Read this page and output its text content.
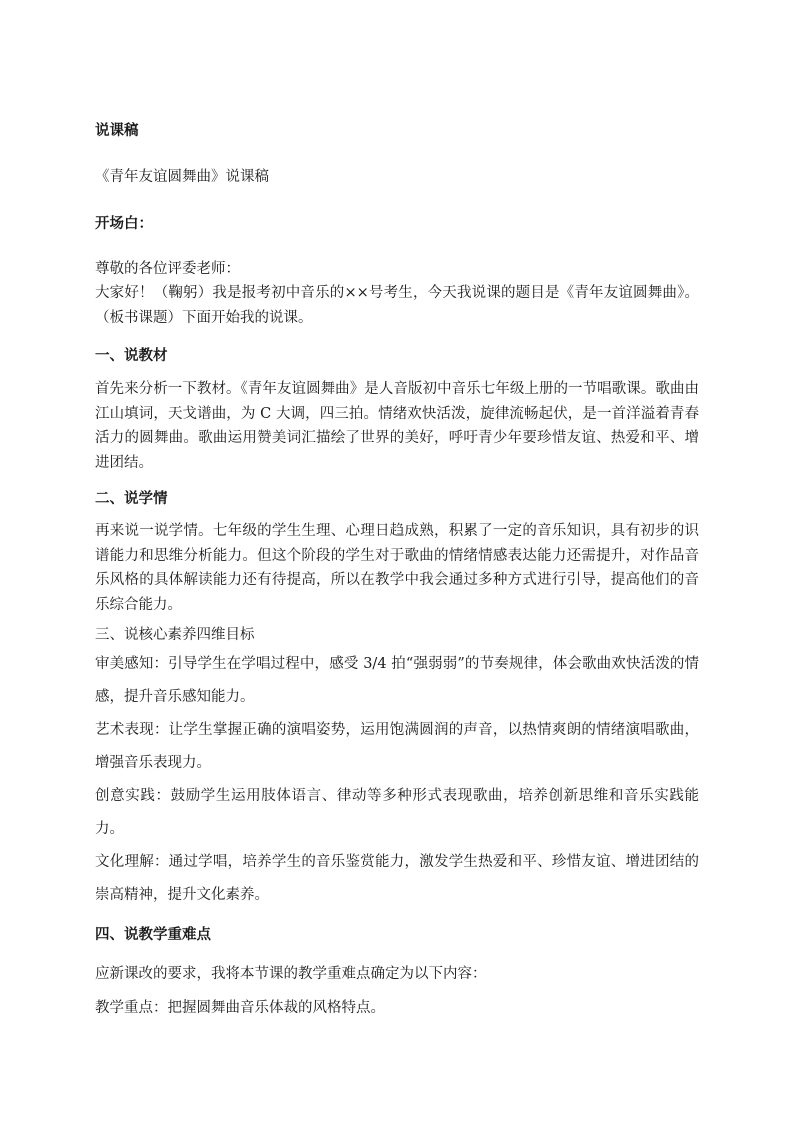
说课稿

《青年友谊圆舞曲》说课稿

开场白：

尊敬的各位评委老师：

大家好！（鞠躬）我是报考初中音乐的××号考生，今天我说课的题目是《青年友谊圆舞曲》。（板书课题）下面开始我的说课。

一、说教材

首先来分析一下教材。《青年友谊圆舞曲》是人音版初中音乐七年级上册的一节唱歌课。歌曲由江山填词，天戈谱曲，为 C 大调，四三拍。情绪欢快活泼，旋律流畅起伏，是一首洋溢着青春活力的圆舞曲。歌曲运用赞美词汇描绘了世界的美好，呼吁青少年要珍惜友谊、热爱和平、增进团结。

二、说学情

再来说一说学情。七年级的学生生理、心理日趋成熟，积累了一定的音乐知识，具有初步的识谱能力和思维分析能力。但这个阶段的学生对于歌曲的情绪情感表达能力还需提升，对作品音乐风格的具体解读能力还有待提高，所以在教学中我会通过多种方式进行引导，提高他们的音乐综合能力。

三、说核心素养四维目标

审美感知：引导学生在学唱过程中，感受 3/4 拍“强弱弱”的节奏规律，体会歌曲欢快活泼的情感，提升音乐感知能力。

艺术表现：让学生掌握正确的演唱姿势，运用饱满圆润的声音，以热情爽朗的情绪演唱歌曲，增强音乐表现力。

创意实践：鼓励学生运用肢体语言、律动等多种形式表现歌曲，培养创新思维和音乐实践能力。

文化理解：通过学唱，培养学生的音乐鉴赏能力，激发学生热爱和平、珍惜友谊、增进团结的崇高精神，提升文化素养。

四、说教学重难点

应新课改的要求，我将本节课的教学重难点确定为以下内容：

教学重点：把握圆舞曲音乐体裁的风格特点。
